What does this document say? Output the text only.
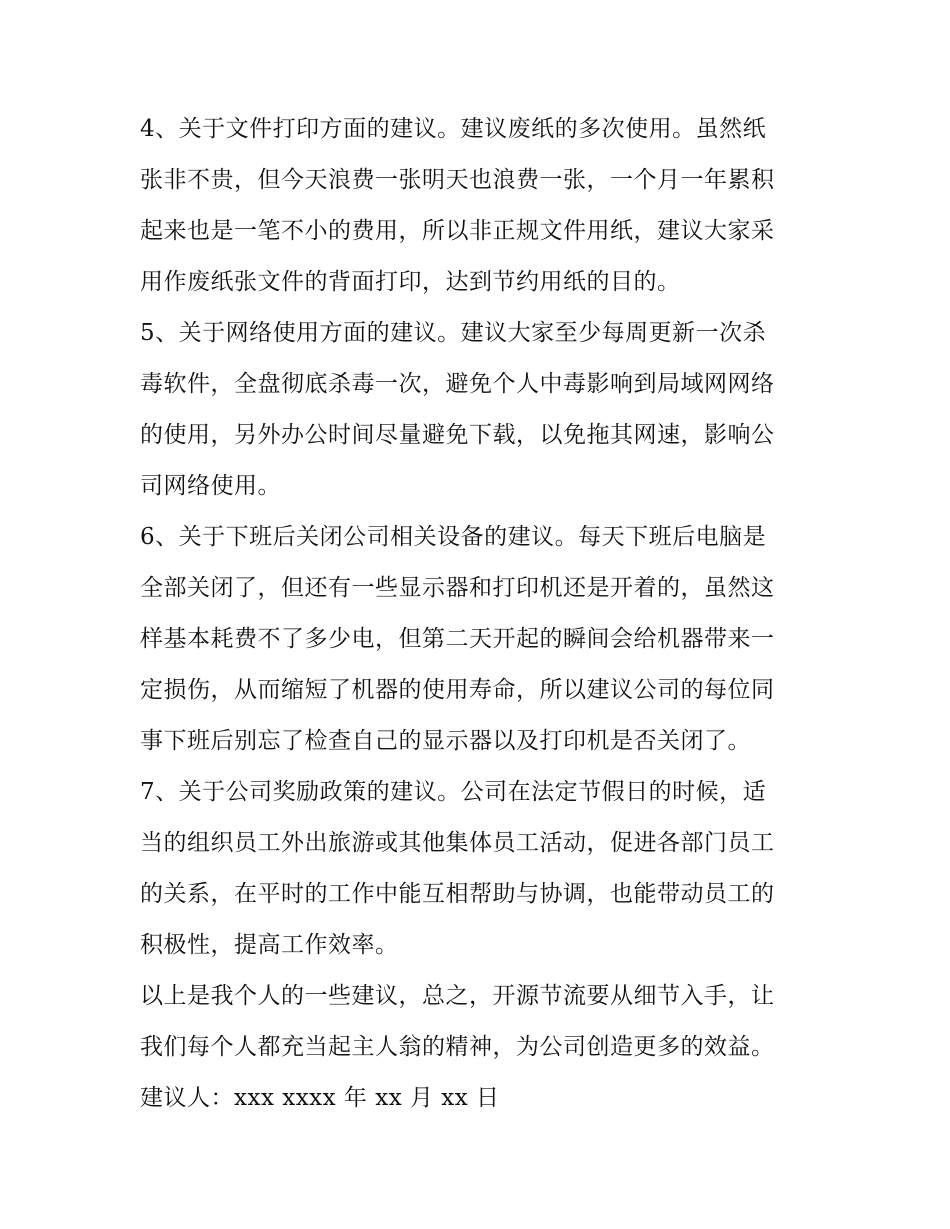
4、关于文件打印方面的建议。建议废纸的多次使用。虽然纸
张非不贵，但今天浪费一张明天也浪费一张，一个月一年累积
起来也是一笔不小的费用，所以非正规文件用纸，建议大家采
用作废纸张文件的背面打印，达到节约用纸的目的。

5、关于网络使用方面的建议。建议大家至少每周更新一次杀
毒软件，全盘彻底杀毒一次，避免个人中毒影响到局域网网络
的使用，另外办公时间尽量避免下载，以免拖其网速，影响公
司网络使用。

6、关于下班后关闭公司相关设备的建议。每天下班后电脑是
全部关闭了，但还有一些显示器和打印机还是开着的，虽然这
样基本耗费不了多少电，但第二天开起的瞬间会给机器带来一
定损伤，从而缩短了机器的使用寿命，所以建议公司的每位同
事下班后别忘了检查自己的显示器以及打印机是否关闭了。

7、关于公司奖励政策的建议。公司在法定节假日的时候，适
当的组织员工外出旅游或其他集体员工活动，促进各部门员工
的关系，在平时的工作中能互相帮助与协调，也能带动员工的
积极性，提高工作效率。

以上是我个人的一些建议，总之，开源节流要从细节入手，让
我们每个人都充当起主人翁的精神，为公司创造更多的效益。

建议人：xxx xxxx 年 xx 月 xx 日
